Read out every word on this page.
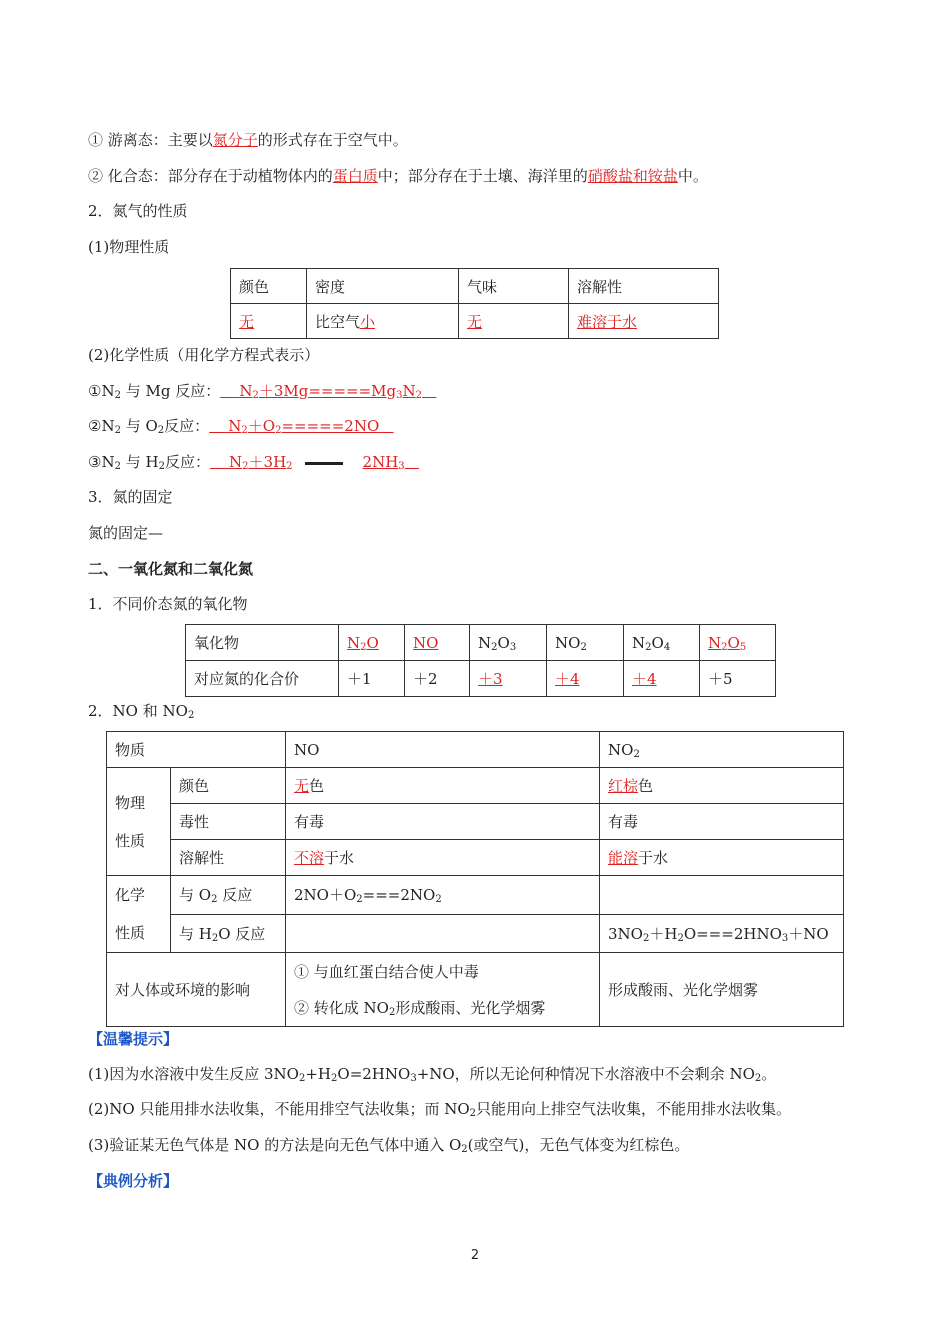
① 游离态：主要以氮分子的形式存在于空气中。
② 化合态：部分存在于动植物体内的蛋白质中；部分存在于土壤、海洋里的硝酸盐和铵盐中。
2．氮气的性质
(1)物理性质
颜色	密度	气味	溶解性
无	比空气小	无	难溶于水
(2)化学性质（用化学方程式表示）
$①N_2$ 与 Mg 反应： $N_2+3Mg=====Mg_3N_2$
$②N_2$ 与 $O_2$反应： $N_2+O_2=====2NO$
$③N_2$ 与 $H_2$反应： $N_2+3H_2$	$2NH_3$
3．氮的固定
氮的固定—
二、一氧化氮和二氧化氮
1．不同价态氮的氧化物
氧化物	$N_2O$	NO	$N_2O_3$	$NO_2$	$N_2O_4$	$N_2O_5$
对应氮的化合价	＋1	＋2	＋3	＋4	＋4	＋5
2．NO 和 $NO_2$
物质		NO	$NO_2$
物理
性质	颜色	无色	红棕色
	毒性	有毒	有毒
	溶解性	不溶于水	能溶于水
化学
性质	与 $O_2$ 反应	$2NO+O_2===2NO_2$	
	与 $H_2O$ 反应		$3NO_2+H_2O===2HNO_3+NO$
对人体或环境的影响		① 与血红蛋白结合使人中毒
② 转化成 $NO_2$形成酸雨、光化学烟雾	形成酸雨、光化学烟雾
【温馨提示】
(1)因为水溶液中发生反应 $3NO_2+H_2O=2HNO_3+NO$，所以无论何种情况下水溶液中不会剩余 $NO_2$。
(2)NO 只能用排水法收集，不能用排空气法收集；而 $NO_2$只能用向上排空气法收集，不能用排水法收集。
(3)验证某无色气体是 NO 的方法是向无色气体中通入 $O_2$(或空气)，无色气体变为红棕色。
【典例分析】
2
